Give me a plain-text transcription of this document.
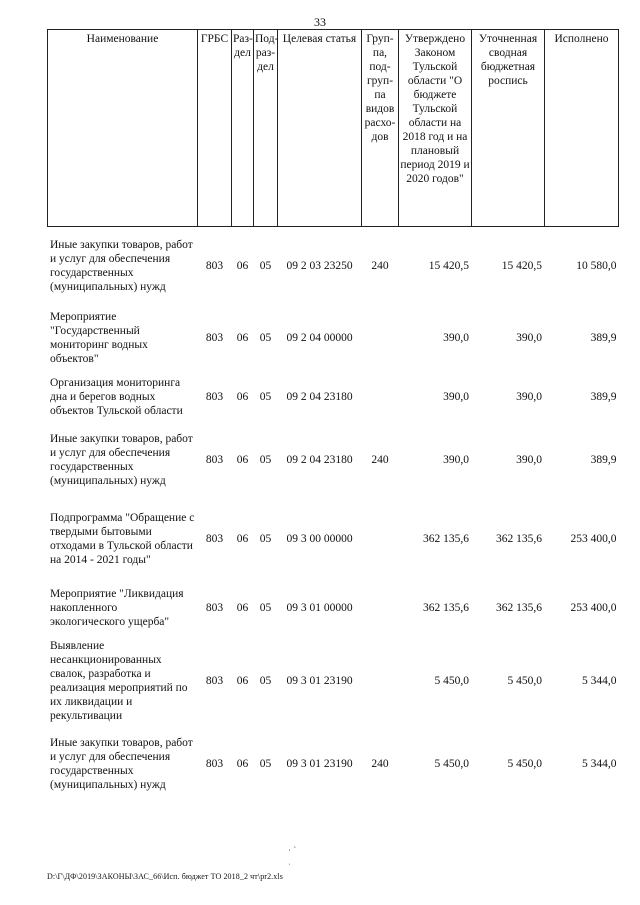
33
Наименование	ГРБС	Раз-дел	Под-раз-дел	Целевая статья	Груп-па, под-груп-па видов расхо-дов	Утверждено Законом Тульской области "О бюджете Тульской области на 2018 год и на плановый период 2019 и 2020 годов"	Уточненная сводная бюджетная роспись	Исполнено
Иные закупки товаров, работ и услуг для обеспечения государственных (муниципальных) нужд	803	06	05	09 2 03 23250	240	15 420,5	15 420,5	10 580,0
Мероприятие "Государственный мониторинг водных объектов"	803	06	05	09 2 04 00000		390,0	390,0	389,9
Организация мониторинга дна и берегов водных объектов Тульской области	803	06	05	09 2 04 23180		390,0	390,0	389,9
Иные закупки товаров, работ и услуг для обеспечения государственных (муниципальных) нужд	803	06	05	09 2 04 23180	240	390,0	390,0	389,9
Подпрограмма "Обращение с твердыми бытовыми отходами в Тульской области на 2014 - 2021 годы"	803	06	05	09 3 00 00000		362 135,6	362 135,6	253 400,0
Мероприятие "Ликвидация накопленного экологического ущерба"	803	06	05	09 3 01 00000		362 135,6	362 135,6	253 400,0
Выявление несанкционированных свалок, разработка и реализация мероприятий по их ликвидации и рекультивации	803	06	05	09 3 01 23190		5 450,0	5 450,0	5 344,0
Иные закупки товаров, работ и услуг для обеспечения государственных (муниципальных) нужд	803	06	05	09 3 01 23190	240	5 450,0	5 450,0	5 344,0
· ˋ
ˌ
D:\Г\ДФ\2019\ЗАКОНЫ\ЗАС_66\Исп. бюджет ТО 2018_2 чт\pr2.xls
